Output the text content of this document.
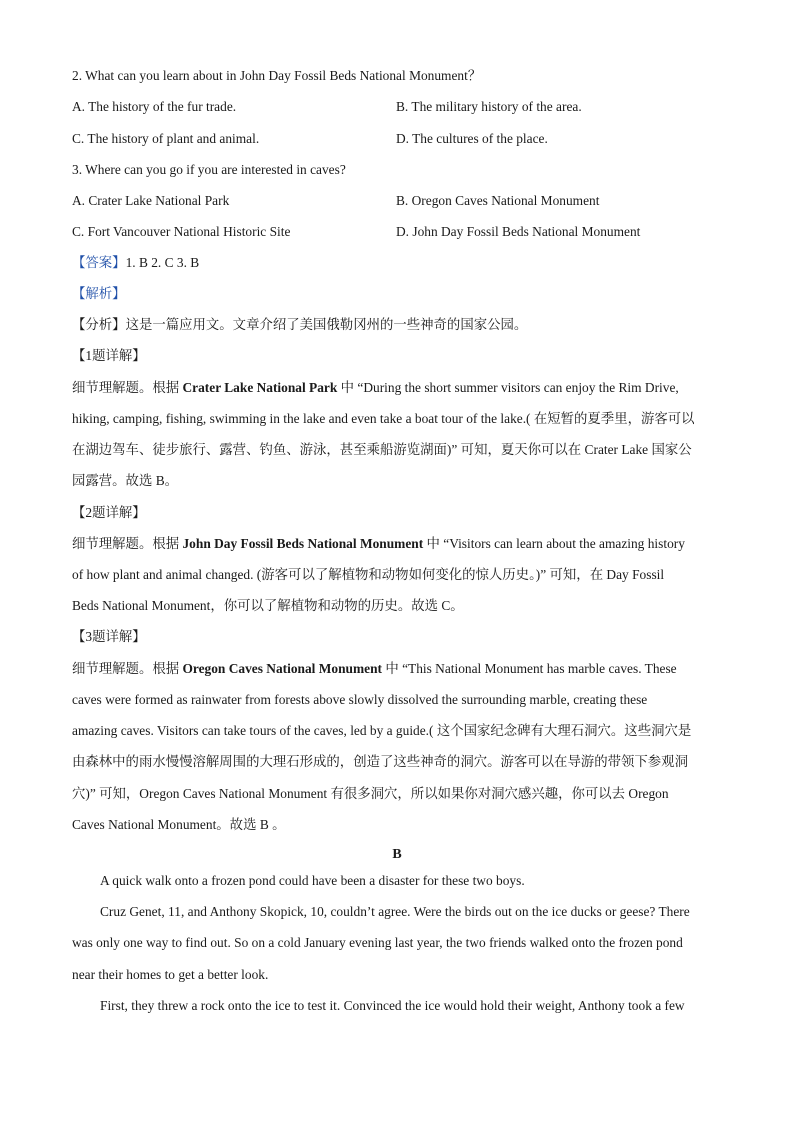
2. What can you learn about in John Day Fossil Beds National Monument？
A. The history of the fur trade.	B. The military history of the area.
C. The history of plant and animal.	D. The cultures of the place.
3. Where can you go if you are interested in caves?
A. Crater Lake National Park	B. Oregon Caves National Monument
C. Fort Vancouver National Historic Site	D. John Day Fossil Beds National Monument
【答案】1. B 2. C 3. B
【解析】
【分析】这是一篇应用文。文章介绍了美国俄勒冈州的一些神奇的国家公园。
【1题详解】
细节理解题。根据 Crater Lake National Park 中 “During the short summer visitors can enjoy the Rim Drive,
hiking, camping, fishing, swimming in the lake and even take a boat tour of the lake.( 在短暂的夏季里，游客可以
在湖边驾车、徒步旅行、露营、钓鱼、游泳，甚至乘船游览湖面)” 可知，夏天你可以在 Crater Lake 国家公
园露营。故选 B。
【2题详解】
细节理解题。根据 John Day Fossil Beds National Monument 中 “Visitors can learn about the amazing history
of how plant and animal changed. (游客可以了解植物和动物如何变化的惊人历史。)” 可知，在 Day Fossil
Beds National Monument，你可以了解植物和动物的历史。故选 C。
【3题详解】
细节理解题。根据 Oregon Caves National Monument 中 “This National Monument has marble caves. These
caves were formed as rainwater from forests above slowly dissolved the surrounding marble, creating these
amazing caves. Visitors can take tours of the caves, led by a guide.( 这个国家纪念碑有大理石洞穴。这些洞穴是
由森林中的雨水慢慢溶解周围的大理石形成的，创造了这些神奇的洞穴。游客可以在导游的带领下参观洞
穴)” 可知，Oregon Caves National Monument 有很多洞穴，所以如果你对洞穴感兴趣，你可以去 Oregon
Caves National Monument。故选 B 。
B
A quick walk onto a frozen pond could have been a disaster for these two boys.
Cruz Genet, 11, and Anthony Skopick, 10, couldn’t agree. Were the birds out on the ice ducks or geese? There
was only one way to find out. So on a cold January evening last year, the two friends walked onto the frozen pond
near their homes to get a better look.
First, they threw a rock onto the ice to test it. Convinced the ice would hold their weight, Anthony took a few
